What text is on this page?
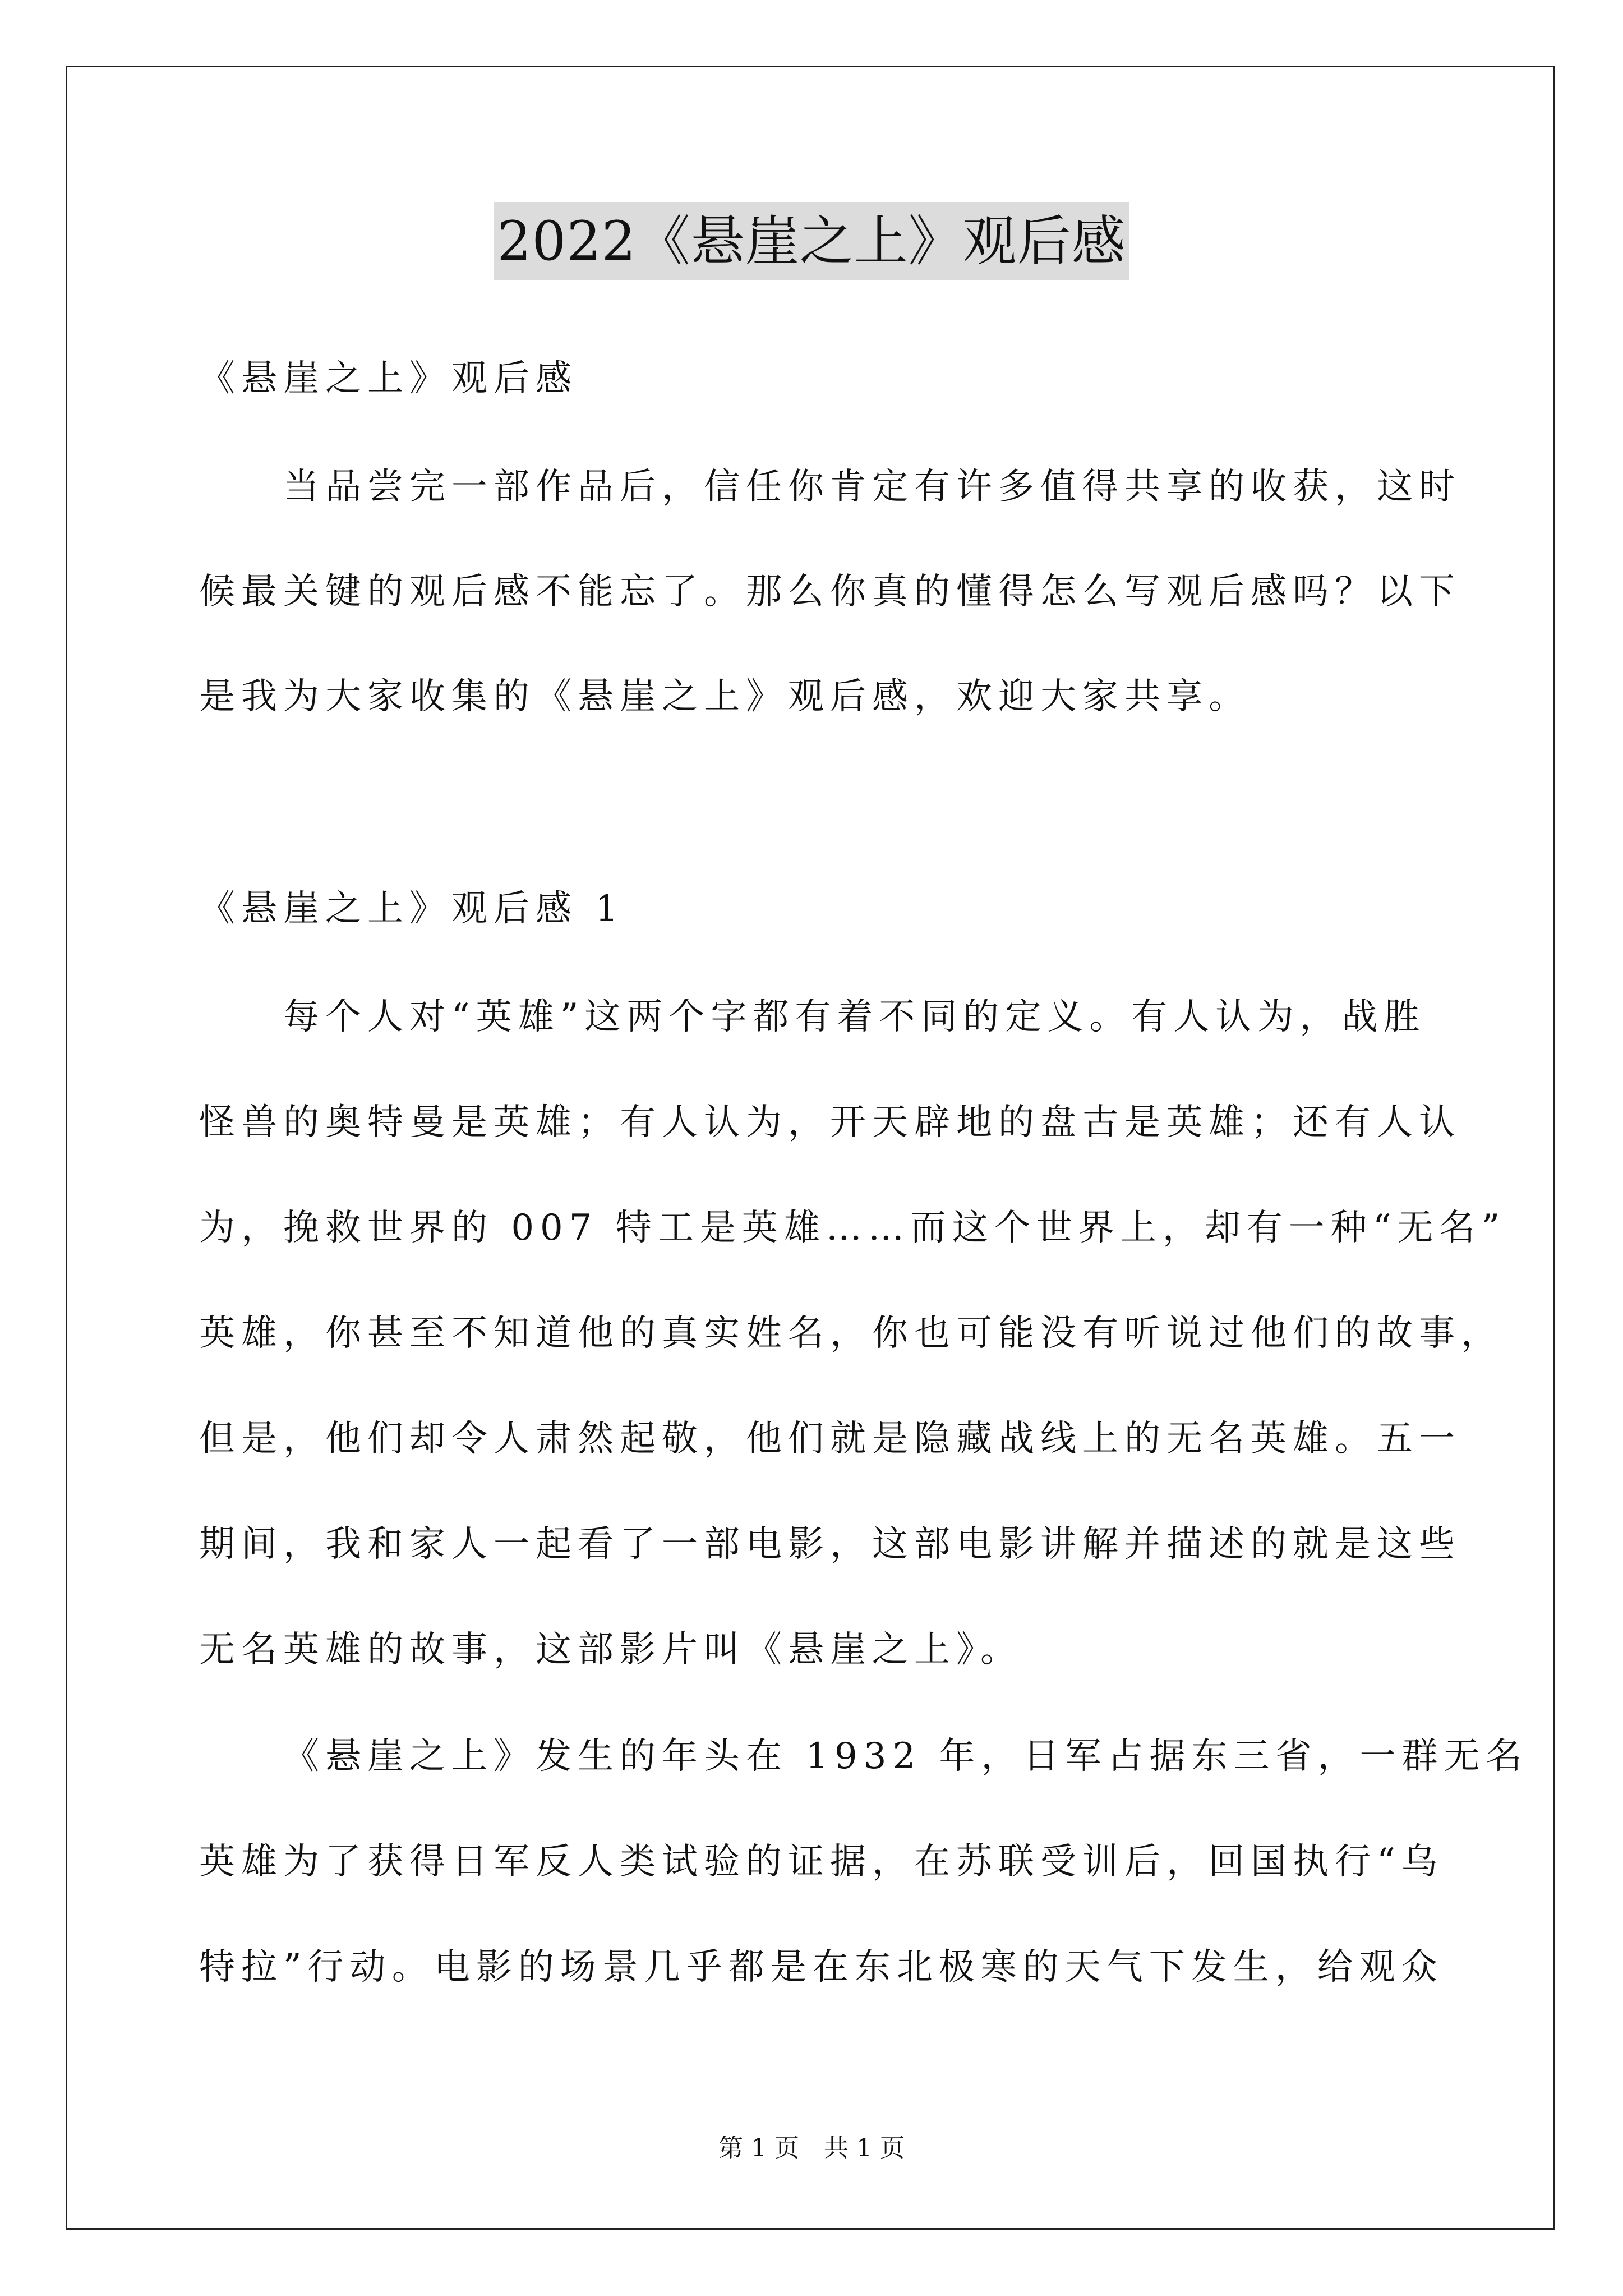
2022《悬崖之上》观后感
《悬崖之上》观后感
当品尝完一部作品后，信任你肯定有许多值得共享的收获，这时
候最关键的观后感不能忘了。那么你真的懂得怎么写观后感吗？以下
是我为大家收集的《悬崖之上》观后感，欢迎大家共享。
《悬崖之上》观后感 1
每个人对“英雄”这两个字都有着不同的定义。有人认为，战胜
怪兽的奥特曼是英雄；有人认为，开天辟地的盘古是英雄；还有人认
为，挽救世界的 007 特工是英雄……而这个世界上，却有一种“无名”
英雄，你甚至不知道他的真实姓名，你也可能没有听说过他们的故事，
但是，他们却令人肃然起敬，他们就是隐藏战线上的无名英雄。五一
期间，我和家人一起看了一部电影，这部电影讲解并描述的就是这些
无名英雄的故事，这部影片叫《悬崖之上》。
《悬崖之上》发生的年头在 1932 年，日军占据东三省，一群无名
英雄为了获得日军反人类试验的证据，在苏联受训后，回国执行“乌
特拉”行动。电影的场景几乎都是在东北极寒的天气下发生，给观众
第 1 页　共 1 页
